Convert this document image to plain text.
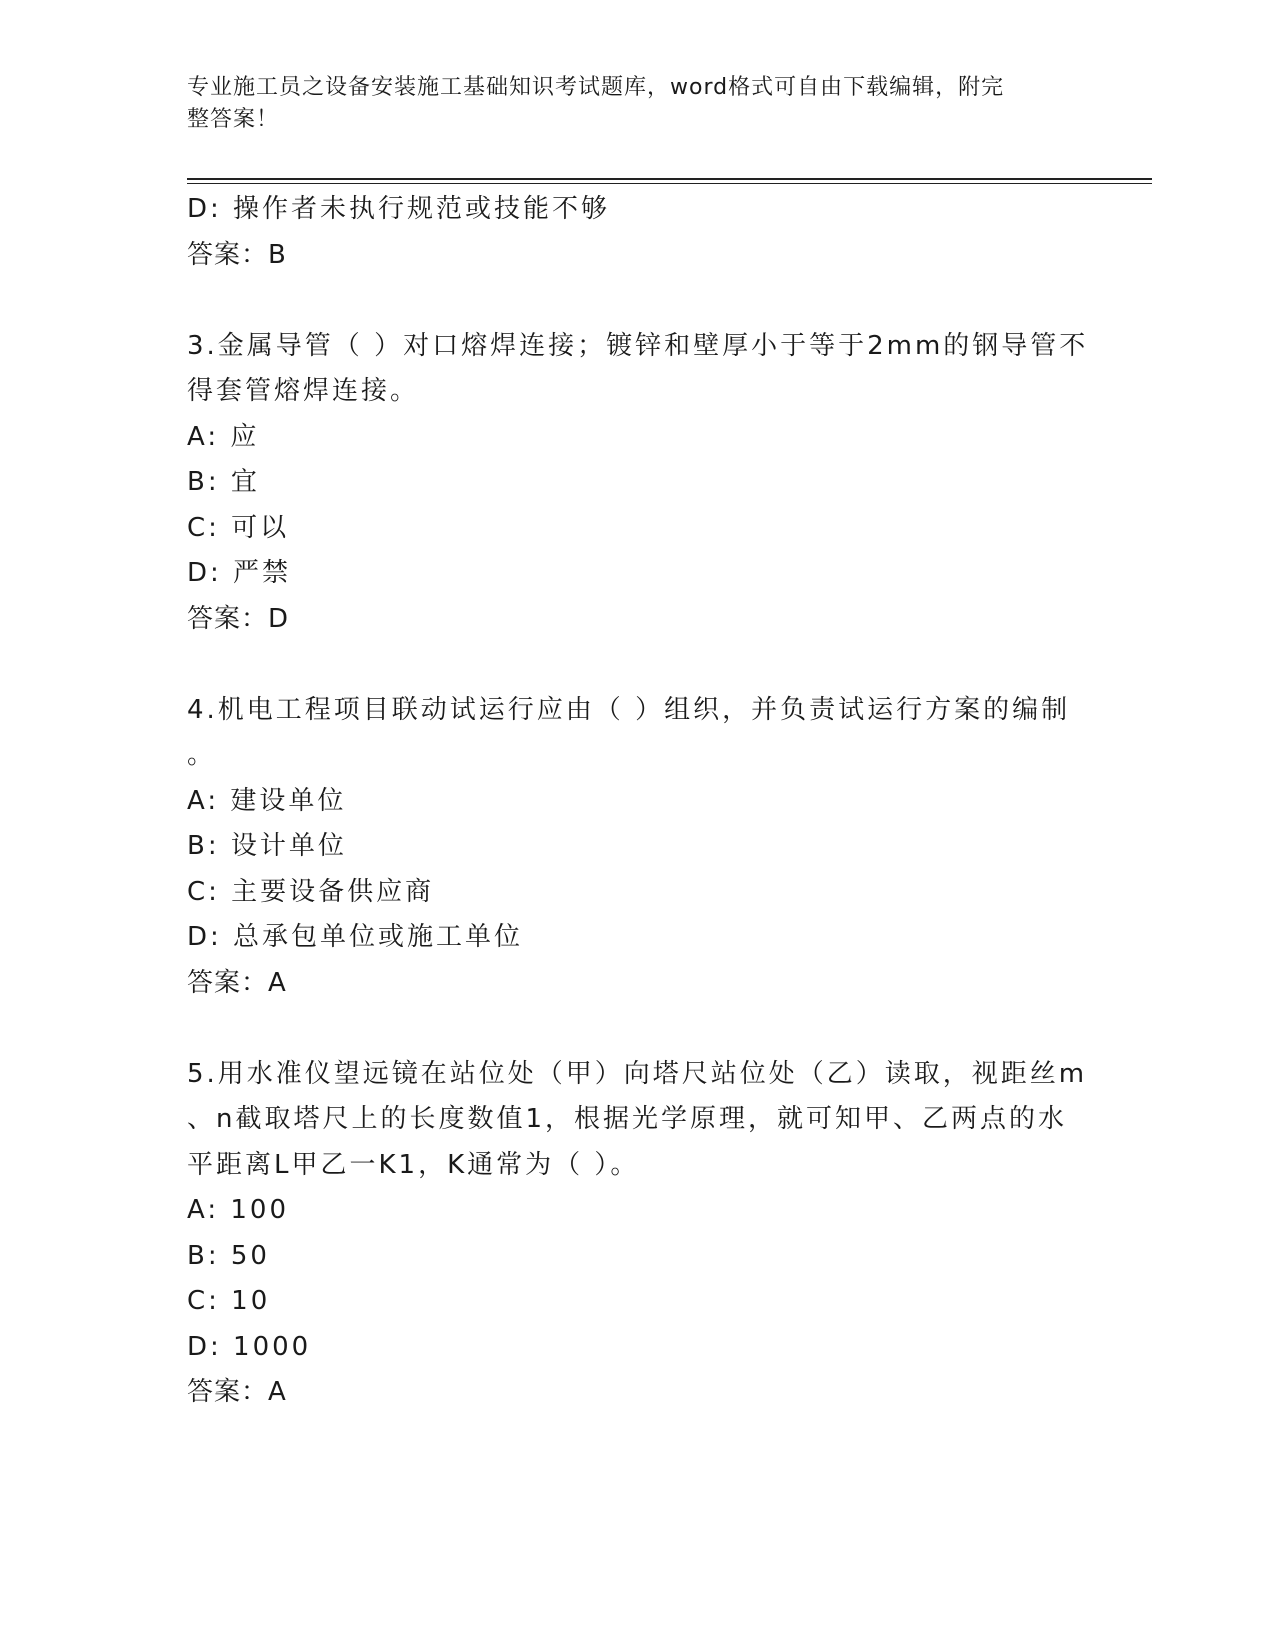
专业施工员之设备安装施工基础知识考试题库，word格式可自由下载编辑，附完
整答案！
D: 操作者未执行规范或技能不够
答案：B
3.金属导管（ ）对口熔焊连接；镀锌和壁厚小于等于2mm的钢导管不
得套管熔焊连接。
A: 应
B: 宜
C: 可以
D: 严禁
答案：D
4.机电工程项目联动试运行应由（ ）组织，并负责试运行方案的编制
。
A: 建设单位
B: 设计单位
C: 主要设备供应商
D: 总承包单位或施工单位
答案：A
5.用水准仪望远镜在站位处（甲）向塔尺站位处（乙）读取，视距丝m
、n截取塔尺上的长度数值1，根据光学原理，就可知甲、乙两点的水
平距离L甲乙一K1，K通常为（ ）。
A: 100
B: 50
C: 10
D: 1000
答案：A
